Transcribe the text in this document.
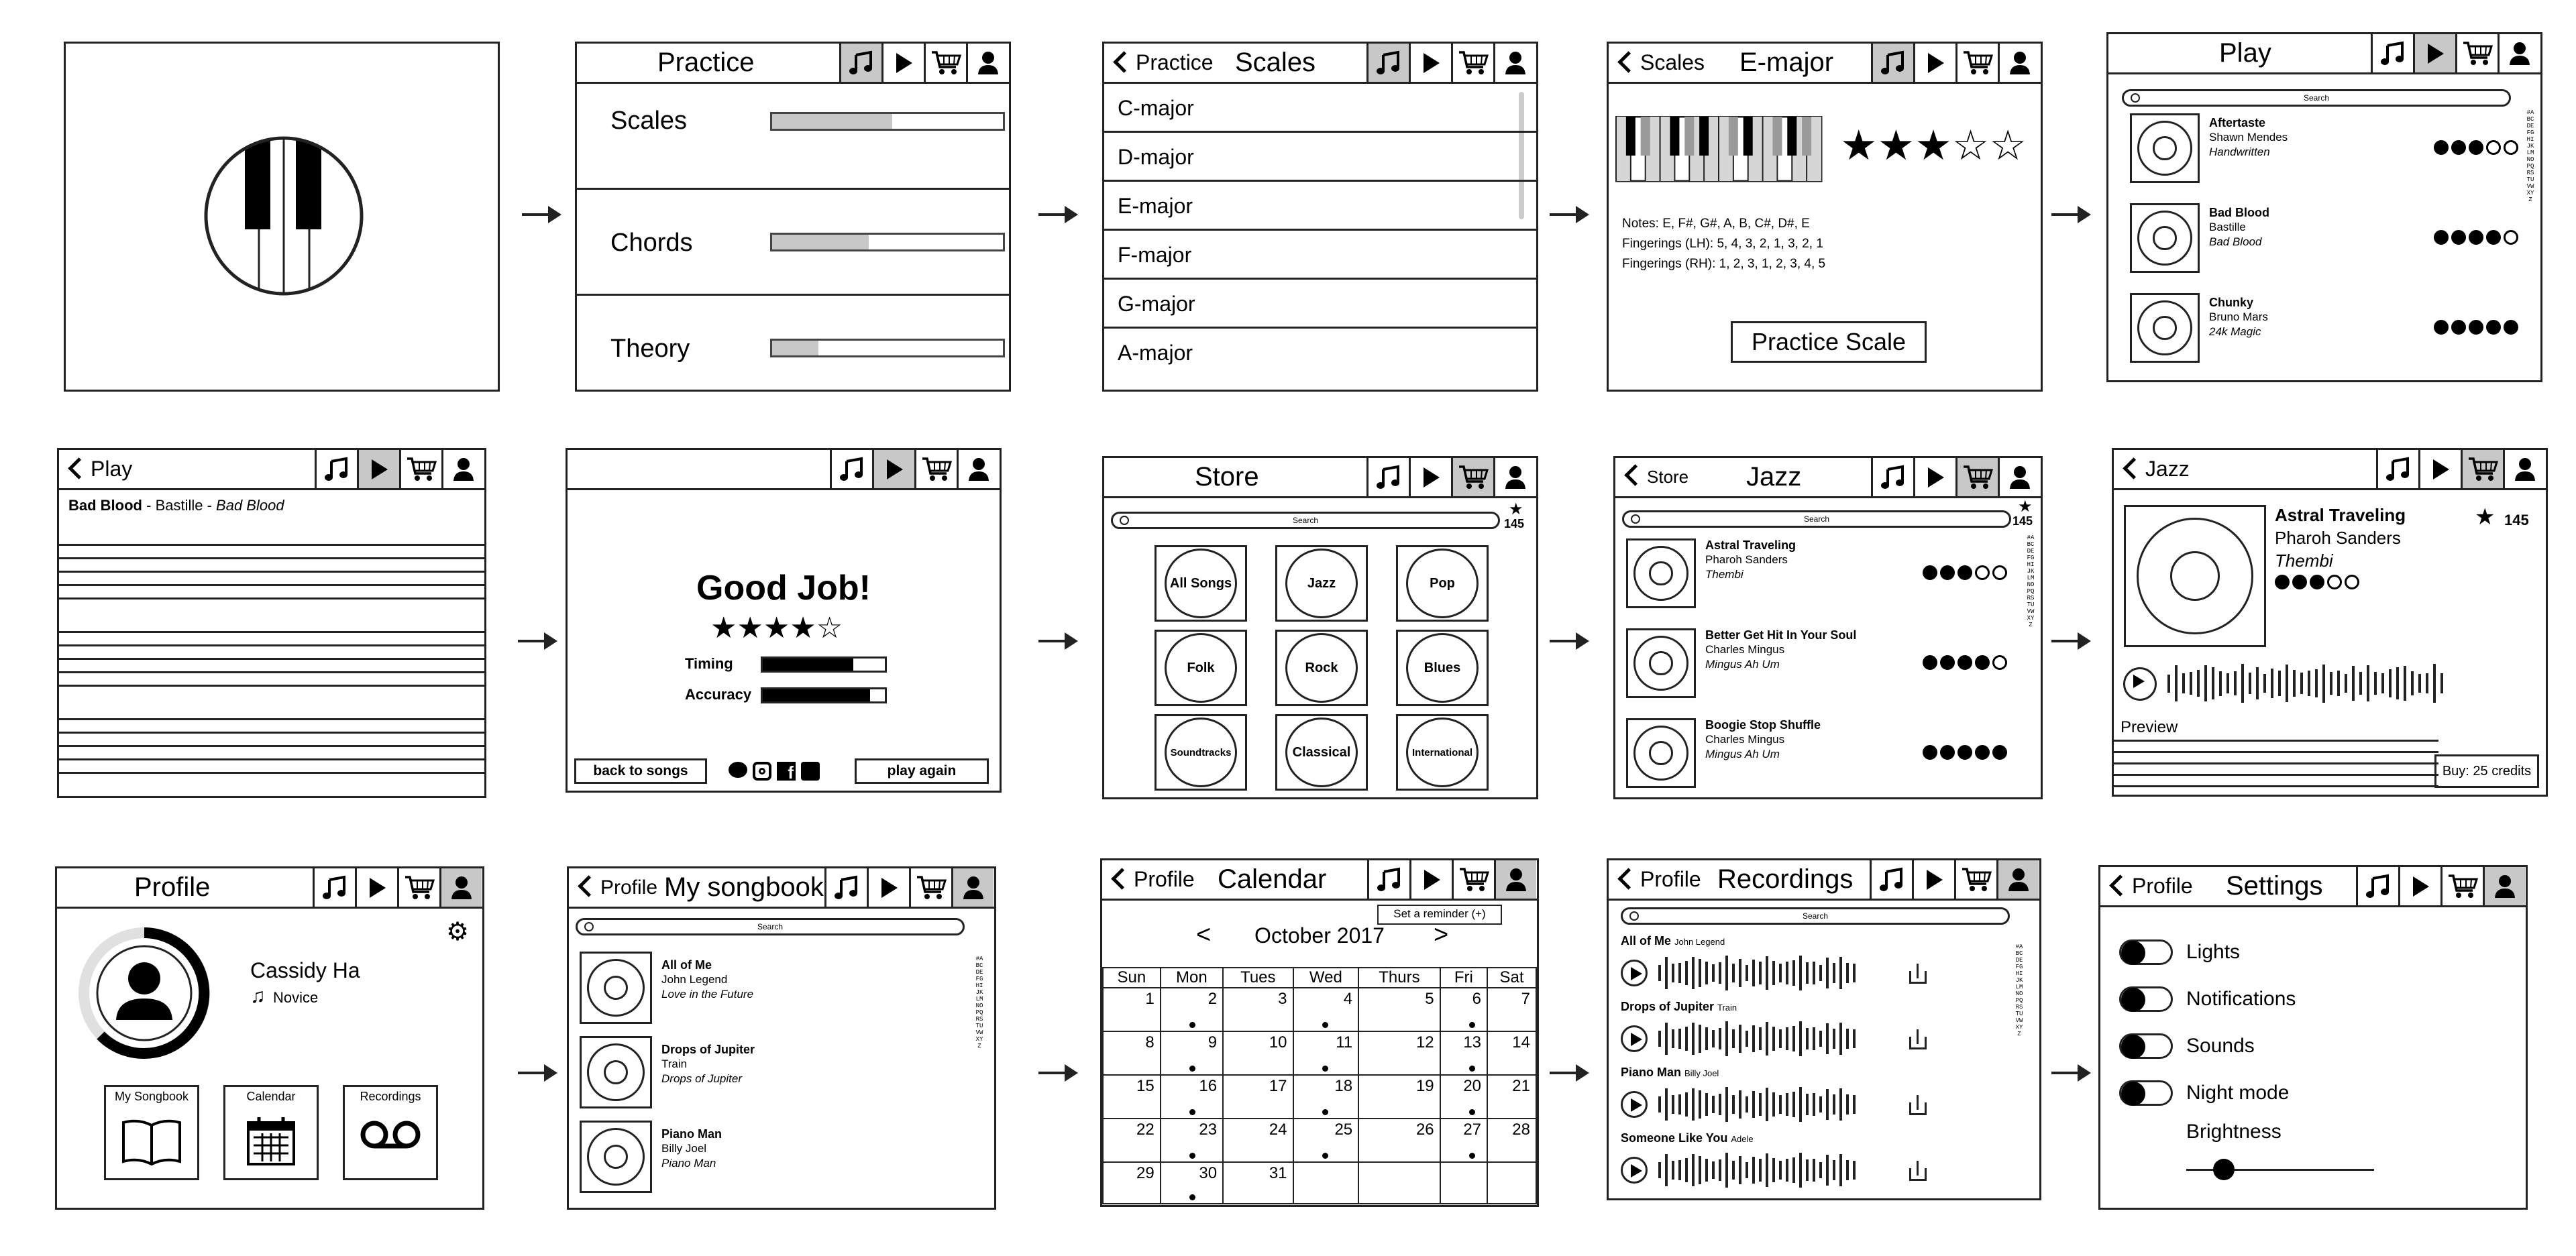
Practice
Scales
Chords
Theory
Practice Scales
C-major
D-major
E-major
F-major
G-major
A-major
Scales E-major
★ ★ ★ ☆ ☆
Notes: E, F#, G#, A, B, C#, D#, E
Fingerings (LH): 5, 4, 3, 2, 1, 3, 2, 1
Fingerings (RH): 1, 2, 3, 1, 2, 3, 4, 5
Practice Scale
Play
Search
#ABCDEFGHIJKLMNOPQRSTUVWXYZ
Aftertaste
Shawn Mendes
Handwritten
Bad Blood
Bastille
Bad Blood
Chunky
Bruno Mars
24k Magic
Play
Bad Blood - Bastille - Bad Blood
Good Job!
★ ★ ★ ★ ☆
Timing
Accuracy
back to songs	f	play again
Store
Search
★
145
All Songs	Jazz	Pop
Folk	Rock	Blues
Soundtracks	Classical	International
Store Jazz
Search
★
145
#ABCDEFGHIJKLMNOPQRSTUVWXYZ
Astral Traveling
Pharoh Sanders
Thembi
Better Get Hit In Your Soul
Charles Mingus
Mingus Ah Um
Boogie Stop Shuffle
Charles Mingus
Mingus Ah Um
Jazz
Astral Traveling
Pharoh Sanders
Thembi
★ 145
Preview
Buy: 25 credits
Profile
Cassidy Ha
♫ Novice
⚙
My Songbook	Calendar	Recordings
Profile My songbook
Search
#ABCDEFGHIJKLMNOPQRSTUVWXYZ
All of Me
John Legend
Love in the Future
Drops of Jupiter
Train
Drops of Jupiter
Piano Man
Billy Joel
Piano Man
Profile Calendar
Set a reminder (+)
<	October 2017	>
Sun	Mon	Tues	Wed	Thurs	Fri	Sat
1	2	3	4	5	6	7
8	9	10	11	12	13	14
15	16	17	18	19	20	21
22	23	24	25	26	27	28
29	30	31				
Profile Recordings
Search
#ABCDEFGHIJKLMNOPQRSTUVWXYZ
All of Me John Legend
Drops of Jupiter Train
Piano Man Billy Joel
Someone Like You Adele
Profile Settings
Lights
Notifications
Sounds
Night mode
Brightness
